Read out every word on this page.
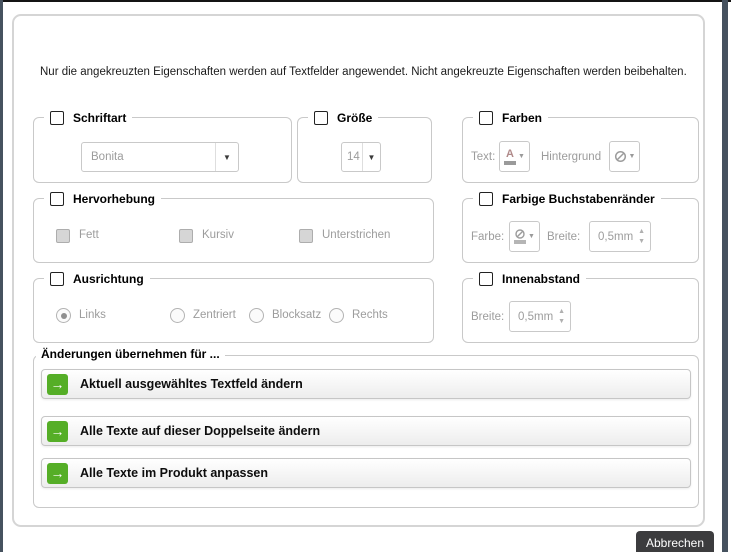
Nur die angekreuzten Eigenschaften werden auf Textfelder angewendet. Nicht angekreuzte Eigenschaften werden beibehalten.
Schriftart
Bonita	▼
Größe
14 ▼
Farben
Text: A ▼ Hintergrund	▼
Hervorhebung
Fett	Kursiv	Unterstrichen
Farbige Buchstabenränder
Farbe:	▼ Breite:	0,5mm ▲
▼
Ausrichtung
Links	Zentriert	Blocksatz	Rechts
Innenabstand
Breite:	0,5mm ▲
▼
Änderungen übernehmen für ...
→ Aktuell ausgewähltes Textfeld ändern
→ Alle Texte auf dieser Doppelseite ändern
→ Alle Texte im Produkt anpassen
Abbrechen
